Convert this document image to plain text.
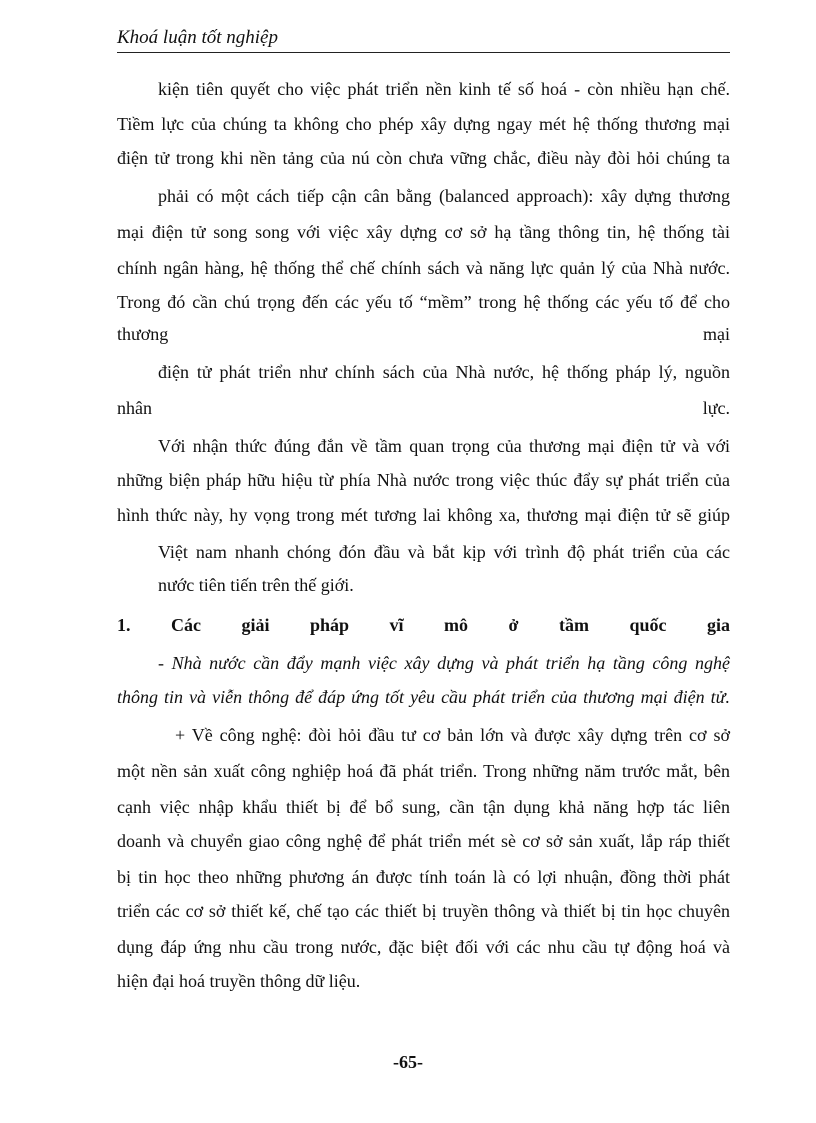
Khoá luận tốt nghiệp
kiện tiên quyết cho việc phát triển nền kinh tế số hoá - còn nhiều hạn chế.
Tiềm lực của chúng ta không cho phép xây dựng ngay mét hệ thống thương mại
điện tử trong khi nền tảng của nú còn chưa vững chắc, điều này đòi hỏi chúng ta
phải có một cách tiếp cận cân bằng (balanced approach): xây dựng thương
mại điện tử song song với việc xây dựng cơ sở hạ tầng thông tin, hệ thống tài
chính ngân hàng, hệ thống thể chế chính sách và năng lực quản lý của Nhà nước.
Trong đó cần chú trọng đến các yếu tố “mềm” trong hệ thống các yếu tố để cho
thương	mại
điện tử phát triển như chính sách của Nhà nước, hệ thống pháp lý, nguồn
nhân	lực.
Với nhận thức đúng đắn về tầm quan trọng của thương mại điện tử và với
những biện pháp hữu hiệu từ phía Nhà nước trong việc thúc đẩy sự phát triển của
hình thức này, hy vọng trong mét tương lai không xa, thương mại điện tử sẽ giúp
Việt nam nhanh chóng đón đầu và bắt kịp với trình độ phát triển của các
nước tiên tiến trên thế giới.
1. Các giải pháp vĩ mô ở tầm quốc gia
- Nhà nước cần đẩy mạnh việc xây dựng và phát triển hạ tầng công nghệ
thông tin và viễn thông để đáp ứng tốt yêu cầu phát triển của thương mại điện tử.
+ Về công nghệ: đòi hỏi đầu tư cơ bản lớn và được xây dựng trên cơ sở
một nền sản xuất công nghiệp hoá đã phát triển. Trong những năm trước mắt, bên
cạnh việc nhập khẩu thiết bị để bổ sung, cần tận dụng khả năng hợp tác liên
doanh và chuyển giao công nghệ để phát triển mét sè cơ sở sản xuất, lắp ráp thiết
bị tin học theo những phương án được tính toán là có lợi nhuận, đồng thời phát
triển các cơ sở thiết kế, chế tạo các thiết bị truyền thông và thiết bị tin học chuyên
dụng đáp ứng nhu cầu trong nước, đặc biệt đối với các nhu cầu tự động hoá và
hiện đại hoá truyền thông dữ liệu.
-65-
